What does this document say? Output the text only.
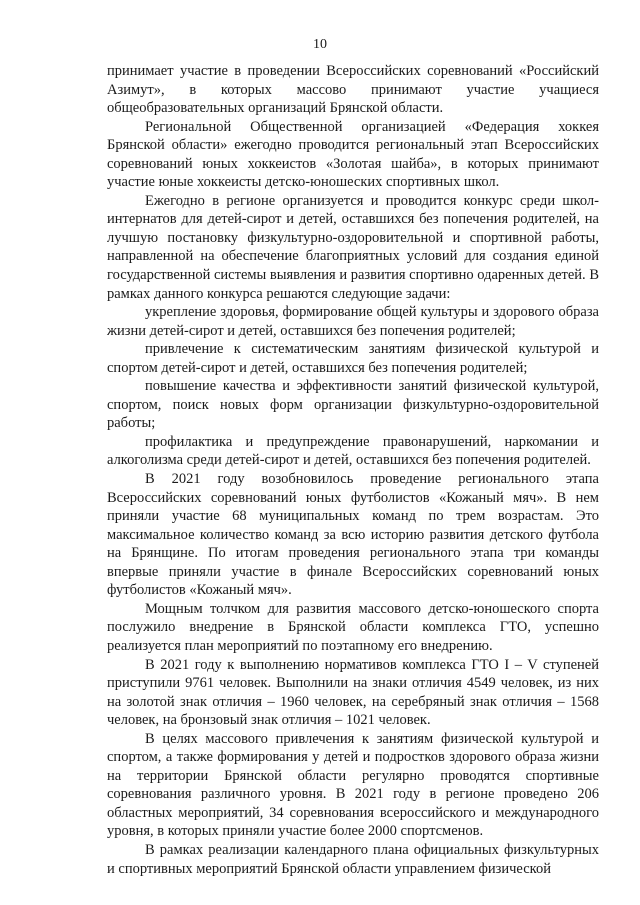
10

принимает участие в проведении Всероссийских соревнований «Российский Азимут», в которых массово принимают участие учащиеся общеобразовательных организаций Брянской области.

Региональной Общественной организацией «Федерация хоккея Брянской области» ежегодно проводится региональный этап Всероссийских соревнований юных хоккеистов «Золотая шайба», в которых принимают участие юные хоккеисты детско-юношеских спортивных школ.

Ежегодно в регионе организуется и проводится конкурс среди школ-интернатов для детей-сирот и детей, оставшихся без попечения родителей, на лучшую постановку физкультурно-оздоровительной и спортивной работы, направленной на обеспечение благоприятных условий для создания единой государственной системы выявления и развития спортивно одаренных детей. В рамках данного конкурса решаются следующие задачи:

укрепление здоровья, формирование общей культуры и здорового образа жизни детей-сирот и детей, оставшихся без попечения родителей;

привлечение к систематическим занятиям физической культурой и спортом детей-сирот и детей, оставшихся без попечения родителей;

повышение качества и эффективности занятий физической культурой, спортом, поиск новых форм организации физкультурно-оздоровительной работы;

профилактика и предупреждение правонарушений, наркомании и алкоголизма среди детей-сирот и детей, оставшихся без попечения родителей.

В 2021 году возобновилось проведение регионального этапа Всероссийских соревнований юных футболистов «Кожаный мяч». В нем приняли участие 68 муниципальных команд по трем возрастам. Это максимальное количество команд за всю историю развития детского футбола на Брянщине. По итогам проведения регионального этапа три команды впервые приняли участие в финале Всероссийских соревнований юных футболистов «Кожаный мяч».

Мощным толчком для развития массового детско-юношеского спорта послужило внедрение в Брянской области комплекса ГТО, успешно реализуется план мероприятий по поэтапному его внедрению.

В 2021 году к выполнению нормативов комплекса ГТО I – V ступеней приступили 9761 человек. Выполнили на знаки отличия 4549 человек, из них на золотой знак отличия – 1960 человек, на серебряный знак отличия – 1568 человек, на бронзовый знак отличия – 1021 человек.

В целях массового привлечения к занятиям физической культурой и спортом, а также формирования у детей и подростков здорового образа жизни на территории Брянской области регулярно проводятся спортивные соревнования различного уровня. В 2021 году в регионе проведено 206 областных мероприятий, 34 соревнования всероссийского и международного уровня, в которых приняли участие более 2000 спортсменов.

В рамках реализации календарного плана официальных физкультурных и спортивных мероприятий Брянской области управлением физической
